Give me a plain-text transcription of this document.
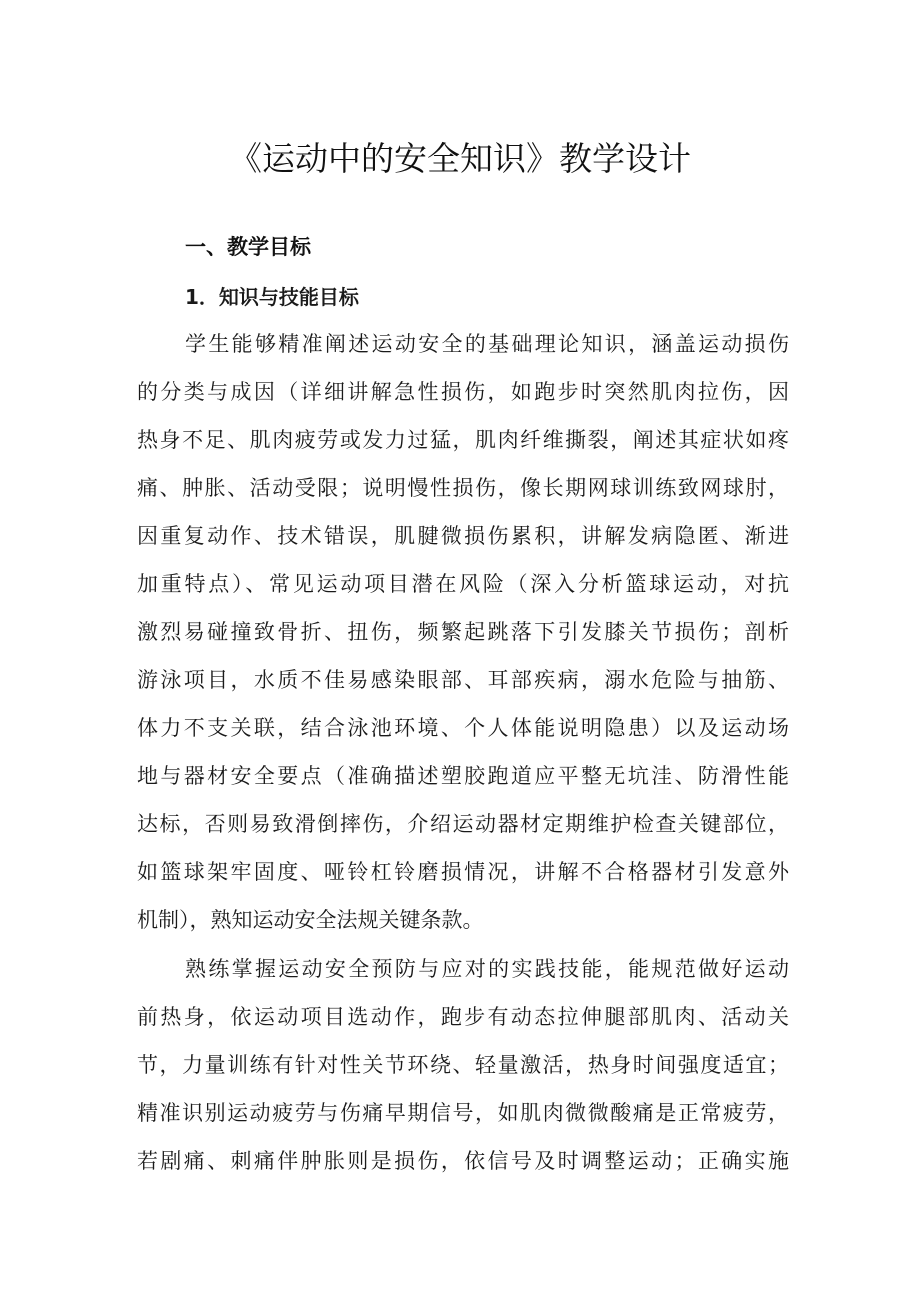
《运动中的安全知识》教学设计
一、教学目标
1．知识与技能目标
学生能够精准阐述运动安全的基础理论知识，涵盖运动损伤
的分类与成因（详细讲解急性损伤，如跑步时突然肌肉拉伤，因
热身不足、肌肉疲劳或发力过猛，肌肉纤维撕裂，阐述其症状如疼
痛、肿胀、活动受限；说明慢性损伤，像长期网球训练致网球肘，
因重复动作、技术错误，肌腱微损伤累积，讲解发病隐匿、渐进
加重特点）、常见运动项目潜在风险（深入分析篮球运动，对抗
激烈易碰撞致骨折、扭伤，频繁起跳落下引发膝关节损伤；剖析
游泳项目，水质不佳易感染眼部、耳部疾病，溺水危险与抽筋、
体力不支关联，结合泳池环境、个人体能说明隐患）以及运动场
地与器材安全要点（准确描述塑胶跑道应平整无坑洼、防滑性能
达标，否则易致滑倒摔伤，介绍运动器材定期维护检查关键部位，
如篮球架牢固度、哑铃杠铃磨损情况，讲解不合格器材引发意外
机制），熟知运动安全法规关键条款。
熟练掌握运动安全预防与应对的实践技能，能规范做好运动
前热身，依运动项目选动作，跑步有动态拉伸腿部肌肉、活动关
节，力量训练有针对性关节环绕、轻量激活，热身时间强度适宜；
精准识别运动疲劳与伤痛早期信号，如肌肉微微酸痛是正常疲劳，
若剧痛、刺痛伴肿胀则是损伤，依信号及时调整运动；正确实施
